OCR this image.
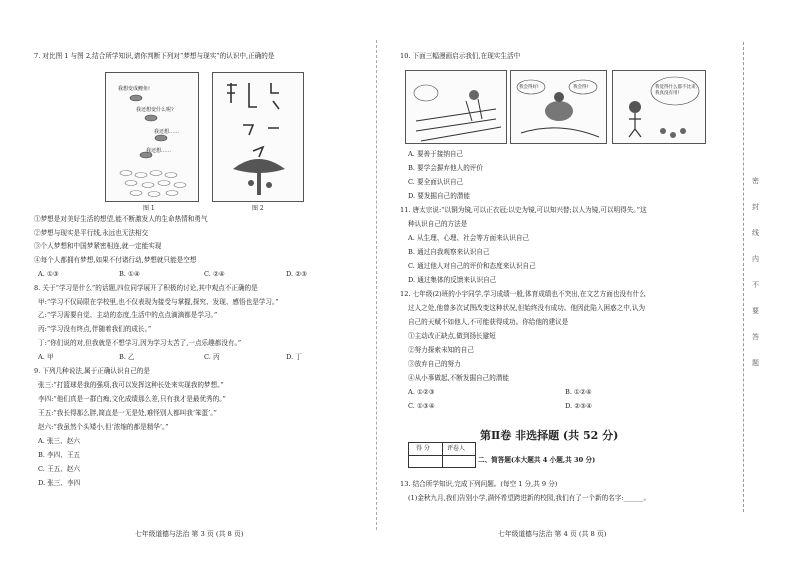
7. 对比图 1 与图 2,结合所学知识,请你判断下列对“梦想与现实”的认识中,正确的是
我想变成鲤鱼!
我还想变什么呢?
我还想……
我还想……
图 1	图 2
①梦想是对美好生活的想望,能不断激发人的生命热情和勇气
②梦想与现实是平行线,永远也无法相交
③个人梦想和中国梦紧密相连,就一定能实现
④每个人都拥有梦想,如果不付诸行动,梦想就只能是空想
A. ①③	B. ①④	C. ②④	D. ②③
8. 关于“学习是什么”的话题,四位同学展开了积极的讨论,其中观点不正确的是
甲:“学习不仅局限在学校里,也不仅表现为接受与掌握,探究、发现、感悟也是学习。”
乙:“学习需要自觉、主动的态度,生活中的点点滴滴都是学习。”
丙:“学习没有终点,伴随着我们的成长。”
丁:“你们说的对,但我就是不想学习,因为学习太苦了,一点乐趣都没有。”
A. 甲	B. 乙	C. 丙	D. 丁
9. 下列几种说法,属于正确认识自己的是
张三:“打篮球是我的强项,我可以发挥这种长处来实现我的梦想。”
李四:“他们真是一群白痴,文化成绩那么差,只有我才是最优秀的。”
王五:“我长得那么胖,简直是一无是处,难怪别人都叫我‘笨蛋’。”
赵六:“我虽然个头矮小,但‘浓缩的都是精华’。”
A. 张三、赵六
B. 李四、王五
C. 王五、赵六
D. 张三、李四
七年级道德与法治 第 3 页 (共 8 页)
10. 下面三幅漫画启示我们,在现实生活中
我会得好!	我会得!	我觉得什么都不比来,我真没有用!
A. 要善于接纳自己
B. 要学会摒弃他人的评价
C. 要全面认识自己
D. 要发掘自己的潜能
11. 唐太宗说:“以铜为镜,可以正衣冠;以史为镜,可以知兴替;以人为镜,可以明得失。”这
种认识自己的方法是
A. 从生理、心理、社会等方面来认识自己
B. 通过自我观察来认识自己
C. 通过他人对自己的评价和态度来认识自己
D. 通过集体的反馈来认识自己
12. 七年级(2)班的小宇同学,学习成绩一般,体育成绩也不突出,在文艺方面也没有什么
过人之处,他曾多次试图改变这种状况,但始终没有成功。他因此陷入困惑之中,认为
自己的天赋不如他人,不可能获得成功。你给他的建议是
①主动改正缺点,做到扬长避短
②努力探索未知的自己
③放弃自己的努力
④从小事做起,不断发掘自己的潜能
A. ①②③	B. ①②④
C. ①③④	D. ②③④
第Ⅱ卷 非选择题 (共 52 分)
得 分	评卷人
二、简答题(本大题共 4 小题,共 30 分)
13. 结合所学知识,完成下列问题。(每空 1 分,共 9 分)
(1)金秋九月,我们告别小学,满怀希望跨进新的校园,我们有了一个新的名字:______。
七年级道德与法治 第 4 页 (共 8 页)
密
封
线
内
不
要
答
题
